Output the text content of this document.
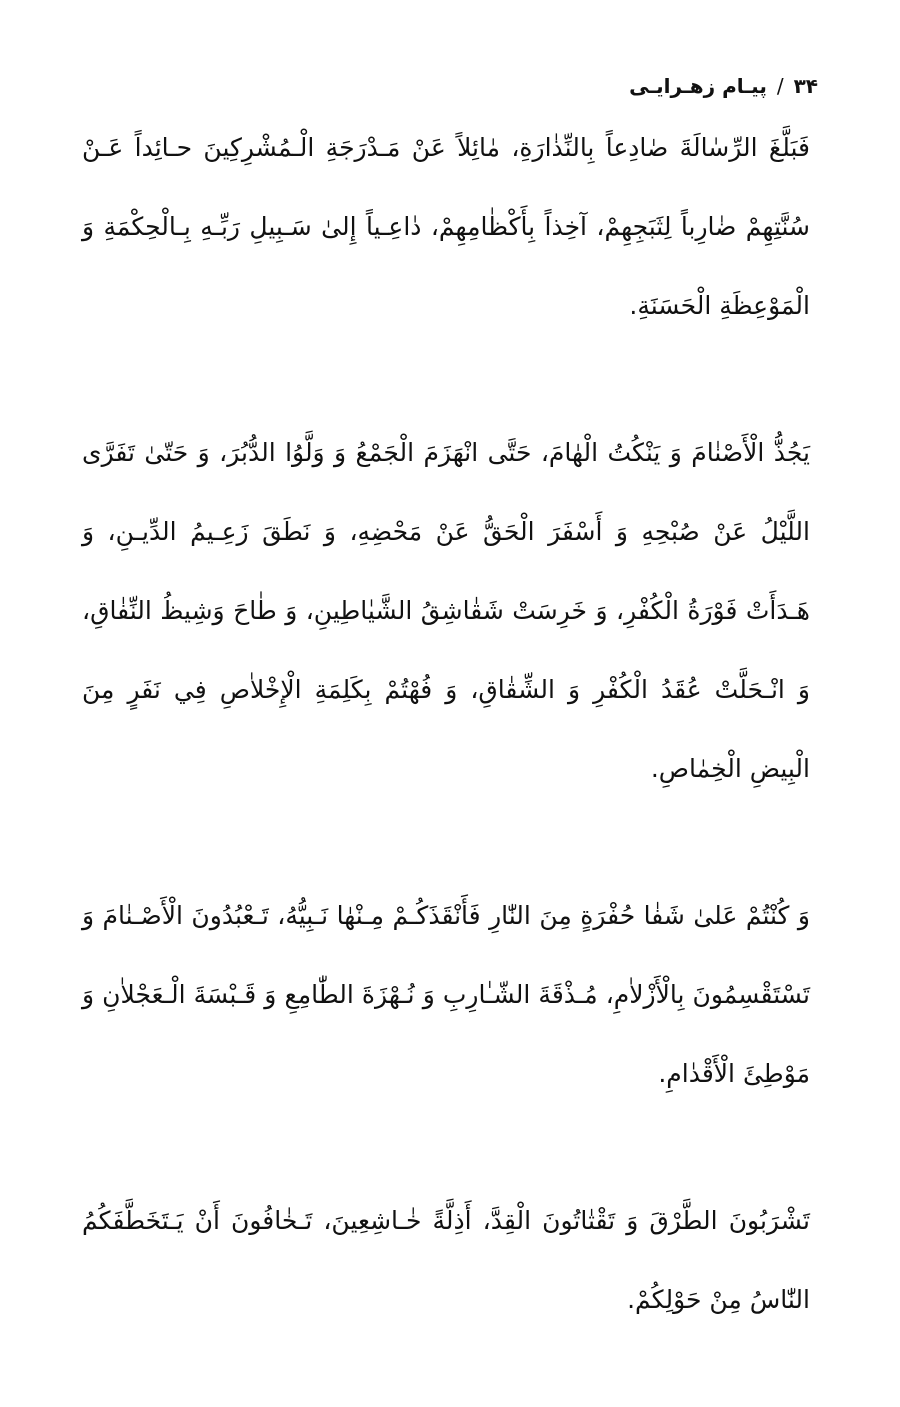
۳۴
/
پیـام زهـرایـی

فَبَلَّغَ الرِّسٰالَةَ صٰادِعاً بِالنِّذٰارَةِ، مٰائِلاً عَنْ مَـدْرَجَةِ الْـمُشْرِكِينَ حـائِداً عَـنْ سُنَّتِهِمْ ضٰارِباً لِثَبَجِهِمْ، آخِذاً بِأَكْظٰامِهِمْ، دٰاعِـياً إِلىٰ سَـبِيلِ رَبِّـهِ بِـالْحِكْمَةِ وَ الْمَوْعِظَةِ الْحَسَنَةِ.

يَجُذُّ الْأَصْنٰامَ وَ يَنْكُتُ الْهٰامَ، حَتَّى انْهَزَمَ الْجَمْعُ وَ وَلَّوُا الدُّبُرَ، وَ حَتّىٰ تَفَرَّى اللَّيْلُ عَنْ صُبْحِهِ وَ أَسْفَرَ الْحَقُّ عَنْ مَحْضِهِ، وَ نَطَقَ زَعِـيمُ الدِّيـنِ، وَ هَـدَأَتْ فَوْرَةُ الْكُفْرِ، وَ خَرِسَتْ شَقٰاشِقُ الشَّيٰاطِينِ، وَ طٰاحَ وَشِيظُ النِّفٰاقِ، وَ انْـحَلَّتْ عُقَدُ الْكُفْرِ وَ الشِّقٰاقِ، وَ فُهْتُمْ بِكَلِمَةِ الْإِخْلاٰصِ فِي نَفَرٍ مِنَ الْبِيضِ الْخِمٰاصِ.

وَ كُنْتُمْ عَلىٰ شَفٰا حُفْرَةٍ مِنَ النّٰارِ فَأَنْقَذَكُـمْ مِـنْهٰا نَـبِيُّهُ، تَـعْبُدُونَ الْأَصْـنٰامَ وَ تَسْتَقْسِمُونَ بِالْأَزْلاٰمِ، مُـذْقَةَ الشّـٰارِبِ وَ نُـهْزَةَ الطّٰامِعِ وَ قَـبْسَةَ الْـعَجْلاٰنِ وَ مَوْطِئَ الْأَقْدٰامِ.

تَشْرَبُونَ الطَّرْقَ وَ تَقْتٰاتُونَ الْقِدَّ، أَذِلَّةً خٰـاشِعِينَ، تَـخٰافُونَ أَنْ يَـتَخَطَّفَكُمُ النّٰاسُ مِنْ حَوْلِكُمْ.
